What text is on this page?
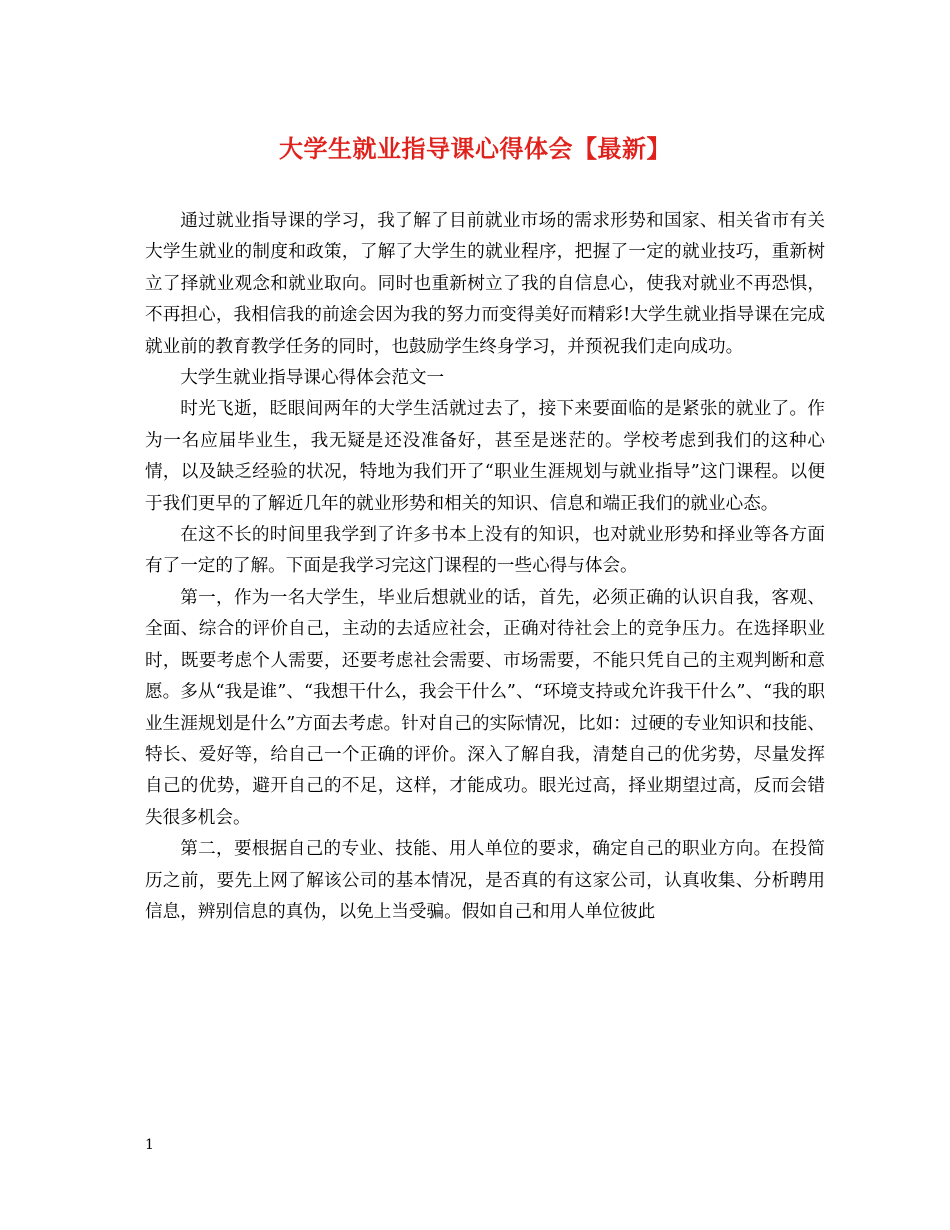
大学生就业指导课心得体会【最新】

通过就业指导课的学习，我了解了目前就业市场的需求形势和国家、相关省市有关大学生就业的制度和政策，了解了大学生的就业程序，把握了一定的就业技巧，重新树立了择就业观念和就业取向。同时也重新树立了我的自信息心，使我对就业不再恐惧，不再担心，我相信我的前途会因为我的努力而变得美好而精彩!大学生就业指导课在完成就业前的教育教学任务的同时，也鼓励学生终身学习，并预祝我们走向成功。

大学生就业指导课心得体会范文一

时光飞逝，眨眼间两年的大学生活就过去了，接下来要面临的是紧张的就业了。作为一名应届毕业生，我无疑是还没准备好，甚至是迷茫的。学校考虑到我们的这种心情，以及缺乏经验的状况，特地为我们开了“职业生涯规划与就业指导”这门课程。以便于我们更早的了解近几年的就业形势和相关的知识、信息和端正我们的就业心态。

在这不长的时间里我学到了许多书本上没有的知识，也对就业形势和择业等各方面有了一定的了解。下面是我学习完这门课程的一些心得与体会。

第一，作为一名大学生，毕业后想就业的话，首先，必须正确的认识自我，客观、全面、综合的评价自己，主动的去适应社会，正确对待社会上的竞争压力。在选择职业时，既要考虑个人需要，还要考虑社会需要、市场需要，不能只凭自己的主观判断和意愿。多从“我是谁”、“我想干什么，我会干什么”、“环境支持或允许我干什么”、“我的职业生涯规划是什么”方面去考虑。针对自己的实际情况，比如：过硬的专业知识和技能、特长、爱好等，给自己一个正确的评价。深入了解自我，清楚自己的优劣势，尽量发挥自己的优势，避开自己的不足，这样，才能成功。眼光过高，择业期望过高，反而会错失很多机会。

第二，要根据自己的专业、技能、用人单位的要求，确定自己的职业方向。在投简历之前，要先上网了解该公司的基本情况，是否真的有这家公司，认真收集、分析聘用信息，辨别信息的真伪，以免上当受骗。假如自己和用人单位彼此

1
